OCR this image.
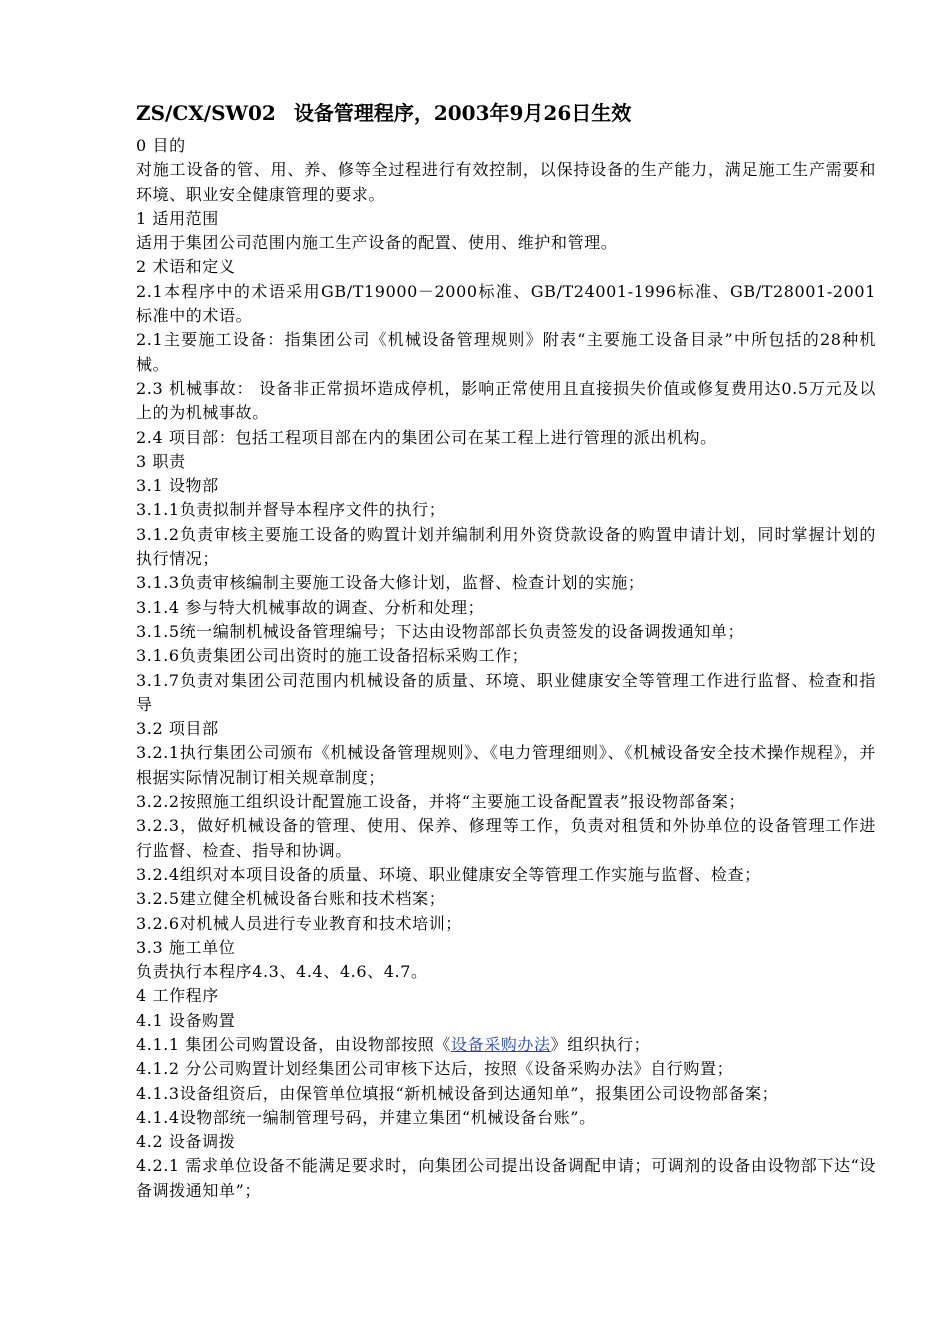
ZS/CX/SW02 设备管理程序，2003年9月26日生效

0 目的

对施工设备的管、用、养、修等全过程进行有效控制，以保持设备的生产能力，满足施工生产需要和环境、职业安全健康管理的要求。

1 适用范围

适用于集团公司范围内施工生产设备的配置、使用、维护和管理。

2 术语和定义

2.1本程序中的术语采用GB/T19000－2000标准、GB/T24001-1996标准、GB/T28001-2001标准中的术语。

2.1主要施工设备：指集团公司《机械设备管理规则》附表“主要施工设备目录”中所包括的28种机械。

2.3 机械事故： 设备非正常损坏造成停机，影响正常使用且直接损失价值或修复费用达0.5万元及以上的为机械事故。

2.4 项目部：包括工程项目部在内的集团公司在某工程上进行管理的派出机构。

3 职责

3.1 设物部

3.1.1负责拟制并督导本程序文件的执行；

3.1.2负责审核主要施工设备的购置计划并编制利用外资贷款设备的购置申请计划，同时掌握计划的执行情况；

3.1.3负责审核编制主要施工设备大修计划，监督、检查计划的实施；

3.1.4 参与特大机械事故的调查、分析和处理；

3.1.5统一编制机械设备管理编号；下达由设物部部长负责签发的设备调拨通知单；

3.1.6负责集团公司出资时的施工设备招标采购工作；

3.1.7负责对集团公司范围内机械设备的质量、环境、职业健康安全等管理工作进行监督、检查和指导

3.2 项目部

3.2.1执行集团公司颁布《机械设备管理规则》、《电力管理细则》、《机械设备安全技术操作规程》，并根据实际情况制订相关规章制度；

3.2.2按照施工组织设计配置施工设备，并将“主要施工设备配置表”报设物部备案；

3.2.3，做好机械设备的管理、使用、保养、修理等工作，负责对租赁和外协单位的设备管理工作进行监督、检查、指导和协调。

3.2.4组织对本项目设备的质量、环境、职业健康安全等管理工作实施与监督、检查；

3.2.5建立健全机械设备台账和技术档案；

3.2.6对机械人员进行专业教育和技术培训；

3.3 施工单位

负责执行本程序4.3、4.4、4.6、4.7。

4 工作程序

4.1 设备购置

4.1.1 集团公司购置设备，由设物部按照《设备采购办法》组织执行；

4.1.2 分公司购置计划经集团公司审核下达后，按照《设备采购办法》自行购置；

4.1.3设备组资后，由保管单位填报“新机械设备到达通知单”，报集团公司设物部备案；

4.1.4设物部统一编制管理号码，并建立集团“机械设备台账”。

4.2 设备调拨

4.2.1 需求单位设备不能满足要求时，向集团公司提出设备调配申请；可调剂的设备由设物部下达“设备调拨通知单”；
